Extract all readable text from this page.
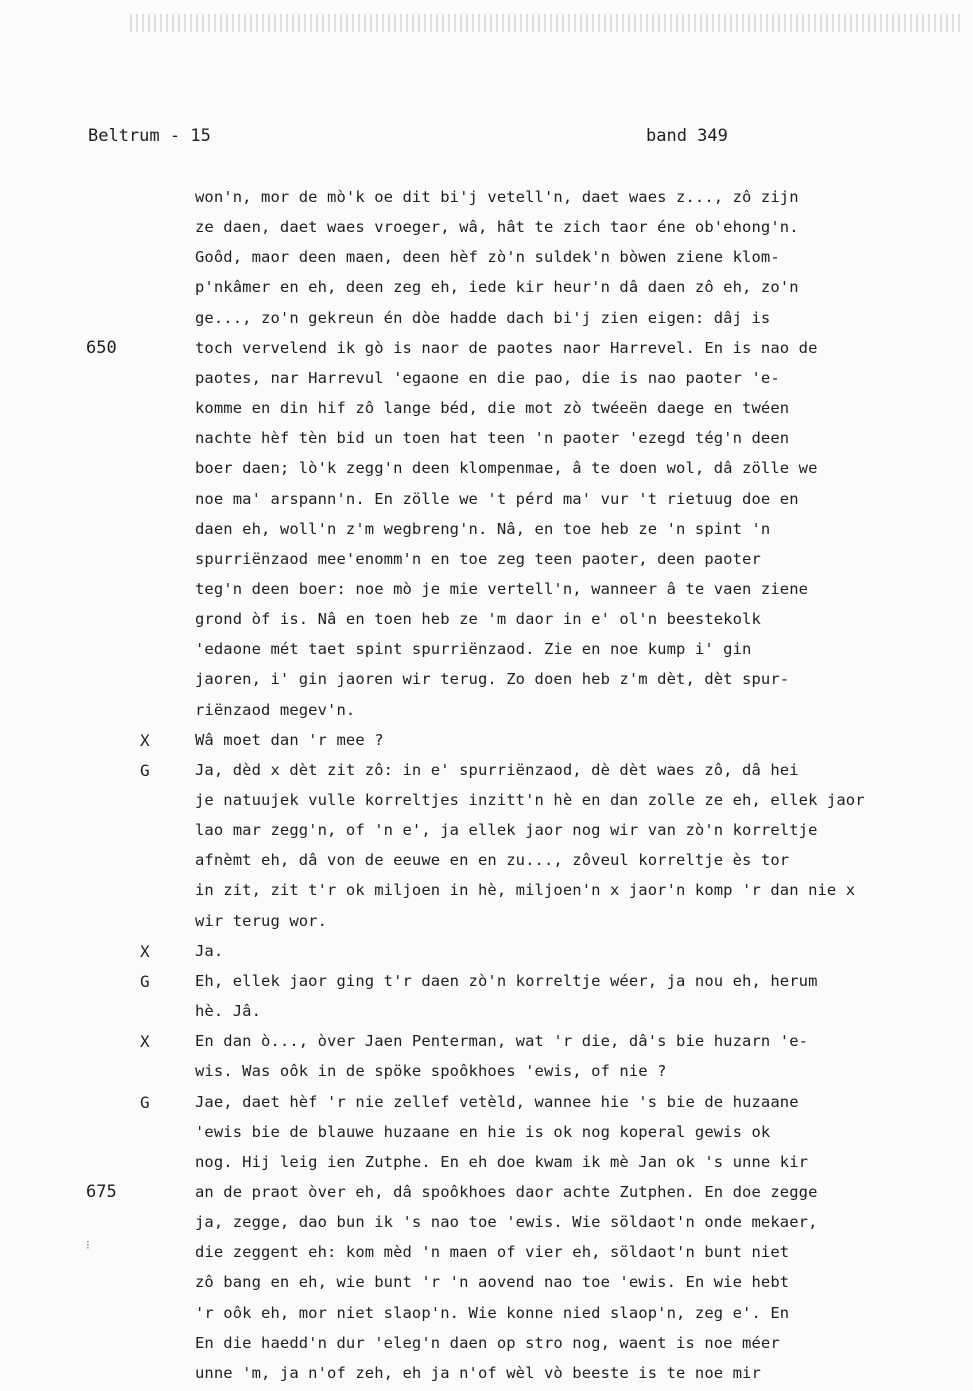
Beltrum - 15	band 349
won'n, mor de mò'k oe dit bi'j vetell'n, daet waes z..., zô zijn
ze daen, daet waes vroeger, wâ, hât te zich taor éne ob'ehong'n.
Goôd, maor deen maen, deen hèf zò'n suldek'n bòwen ziene klom-
p'nkâmer en eh, deen zeg eh, iede kir heur'n dâ daen zô eh, zo'n
ge..., zo'n gekreun én dòe hadde dach bi'j zien eigen: dâj is
toch vervelend ik gò is naor de paotes naor Harrevel. En is nao de
650
paotes, nar Harrevul 'egaone en die pao, die is nao paoter 'e-
komme en din hif zô lange béd, die mot zò twéeën daege en twéen
nachte hèf tèn bid un toen hat teen 'n paoter 'ezegd tég'n deen
boer daen; lò'k zegg'n deen klompenmae, â te doen wol, dâ zölle we
noe ma' arspann'n. En zölle we 't pérd ma' vur 't rietuug doe en
daen eh, woll'n z'm wegbreng'n. Nâ, en toe heb ze 'n spint 'n
spurriënzaod mee'enomm'n en toe zeg teen paoter, deen paoter
teg'n deen boer: noe mò je mie vertell'n, wanneer â te vaen ziene
grond òf is. Nâ en toen heb ze 'm daor in e' ol'n beestekolk
'edaone mét taet spint spurriënzaod. Zie en noe kump i' gin
jaoren, i' gin jaoren wir terug. Zo doen heb z'm dèt, dèt spur-
riënzaod megev'n.
Wâ moet dan 'r mee ?
X
Ja, dèd x dèt zit zô: in e' spurriënzaod, dè dèt waes zô, dâ hei
G
je natuujek vulle korreltjes inzitt'n hè en dan zolle ze eh, ellek jaor
lao mar zegg'n, of 'n e', ja ellek jaor nog wir van zò'n korreltje
afnèmt eh, dâ von de eeuwe en en zu..., zôveul korreltje ès tor
in zit, zit t'r ok miljoen in hè, miljoen'n x jaor'n komp 'r dan nie x
wir terug wor.
Ja.
X
Eh, ellek jaor ging t'r daen zò'n korreltje wéer, ja nou eh, herum
G
hè. Jâ.
En dan ò..., òver Jaen Penterman, wat 'r die, dâ's bie huzarn 'e-
X
wis. Was oôk in de spöke spoôkhoes 'ewis, of nie ?
Jae, daet hèf 'r nie zellef vetèld, wannee hie 's bie de huzaane
G
'ewis bie de blauwe huzaane en hie is ok nog koperal gewis ok
nog. Hij leig ien Zutphe. En eh doe kwam ik mè Jan ok 's unne kir
an de praot òver eh, dâ spoôkhoes daor achte Zutphen. En doe zegge
675
ja, zegge, dao bun ik 's nao toe 'ewis. Wie söldaot'n onde mekaer,
die zeggent eh: kom mèd 'n maen of vier eh, söldaot'n bunt niet
zô bang en eh, wie bunt 'r 'n aovend nao toe 'ewis. En wie hebt
'r oôk eh, mor niet slaop'n. Wie konne nied slaop'n, zeg e'. En
En die haedd'n dur 'eleg'n daen op stro nog, waent is noe méer
unne 'm, ja n'of zeh, eh ja n'of wèl vò beeste is te noe mir
⁝
